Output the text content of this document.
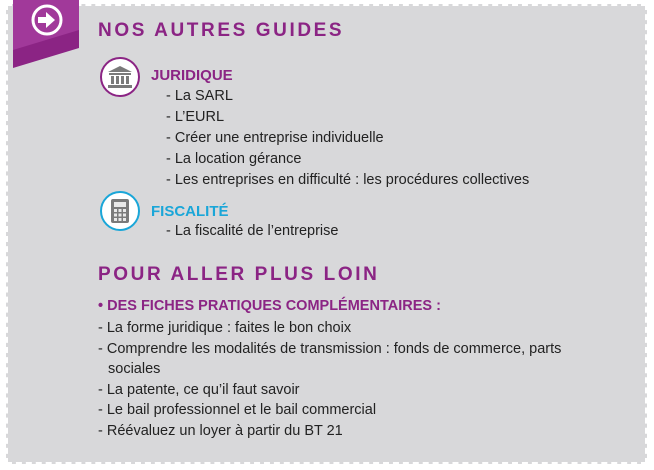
NOS AUTRES GUIDES
JURIDIQUE
- La SARL
- L’EURL
- Créer une entreprise individuelle
- La location gérance
- Les entreprises en difficulté : les procédures collectives
FISCALITÉ
- La fiscalité de l’entreprise
POUR ALLER PLUS LOIN
• DES FICHES PRATIQUES COMPLÉMENTAIRES :
- La forme juridique : faites le bon choix
- Comprendre les modalités de transmission : fonds de commerce, parts sociales
- La patente, ce qu’il faut savoir
- Le bail professionnel et le bail commercial
- Réévaluez un loyer à partir du BT 21
